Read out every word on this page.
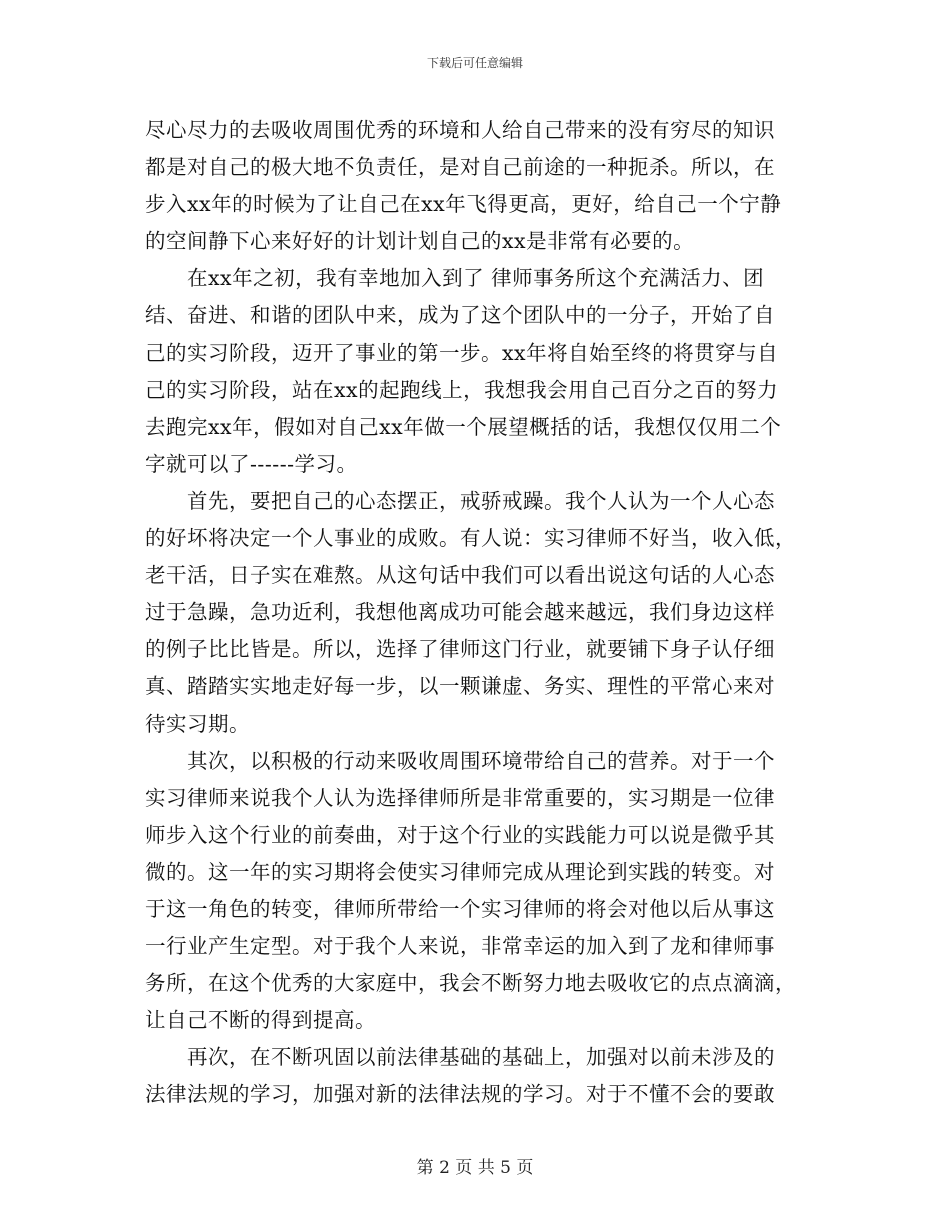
下载后可任意编辑
尽心尽力的去吸收周围优秀的环境和人给自己带来的没有穷尽的知识
都是对自己的极大地不负责任，是对自己前途的一种扼杀。所以，在
步入xx年的时候为了让自己在xx年飞得更高，更好，给自己一个宁静
的空间静下心来好好的计划计划自己的xx是非常有必要的。
　　在xx年之初，我有幸地加入到了 律师事务所这个充满活力、团
结、奋进、和谐的团队中来，成为了这个团队中的一分子，开始了自
己的实习阶段，迈开了事业的第一步。xx年将自始至终的将贯穿与自
己的实习阶段，站在xx的起跑线上，我想我会用自己百分之百的努力
去跑完xx年，假如对自己xx年做一个展望概括的话，我想仅仅用二个
字就可以了------学习。
　　首先，要把自己的心态摆正，戒骄戒躁。我个人认为一个人心态
的好坏将决定一个人事业的成败。有人说：实习律师不好当，收入低，
老干活，日子实在难熬。从这句话中我们可以看出说这句话的人心态
过于急躁，急功近利，我想他离成功可能会越来越远，我们身边这样
的例子比比皆是。所以，选择了律师这门行业，就要铺下身子认仔细
真、踏踏实实地走好每一步，以一颗谦虚、务实、理性的平常心来对
待实习期。
　　其次，以积极的行动来吸收周围环境带给自己的营养。对于一个
实习律师来说我个人认为选择律师所是非常重要的，实习期是一位律
师步入这个行业的前奏曲，对于这个行业的实践能力可以说是微乎其
微的。这一年的实习期将会使实习律师完成从理论到实践的转变。对
于这一角色的转变，律师所带给一个实习律师的将会对他以后从事这
一行业产生定型。对于我个人来说，非常幸运的加入到了龙和律师事
务所，在这个优秀的大家庭中，我会不断努力地去吸收它的点点滴滴，
让自己不断的得到提高。
　　再次，在不断巩固以前法律基础的基础上，加强对以前未涉及的
法律法规的学习，加强对新的法律法规的学习。对于不懂不会的要敢
第 2 页 共 5 页
